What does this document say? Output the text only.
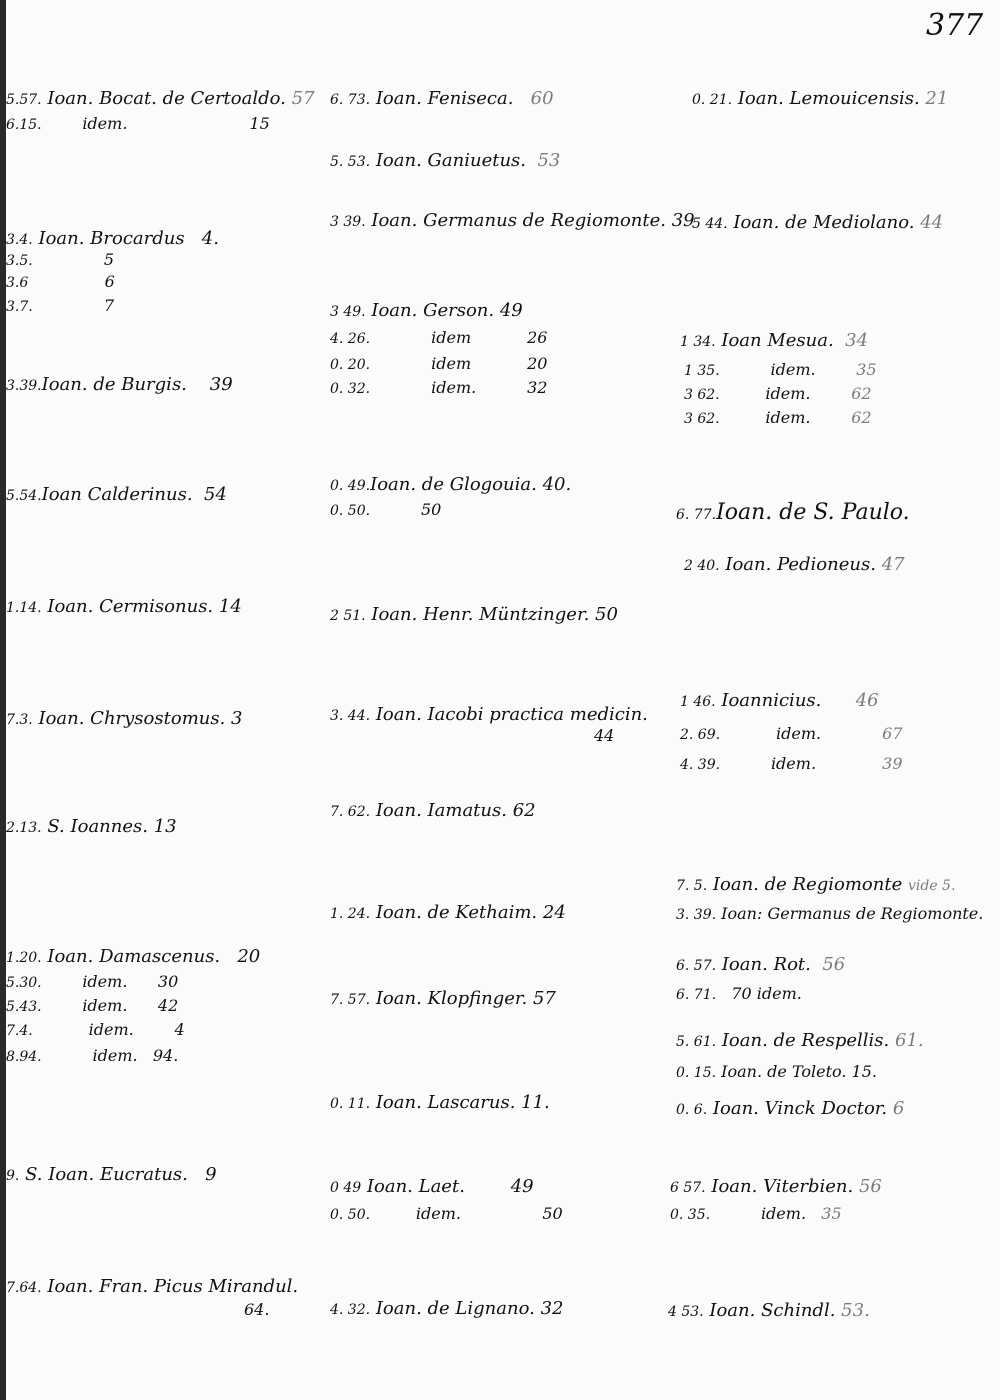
377
5.57. Ioan. Bocat. de Certoaldo. 57
6.15.	idem.	15
3.4. Ioan. Brocardus 4.
3.5.	5
3.6	6
3.7.	7
3.39.Ioan. de Burgis. 39
5.54.Ioan Calderinus. 54
1.14. Ioan. Cermisonus. 14
7.3. Ioan. Chrysostomus. 3
2.13. S. Ioannes. 13
1.20. Ioan. Damascenus. 20
5.30.	idem. 30
5.43.	idem. 42
7.4.	idem.	4
8.94.	idem. 94.
9. S. Ioan. Eucratus. 9
7.64. Ioan. Fran. Picus Mirandul.
64.
6. 73. Ioan. Fenisecа. 60
5. 53. Ioan. Ganiuetus. 53
3 39. Ioan. Germanus de Regiomonte. 39
3 49. Ioan. Gerson. 49
4. 26.	idem	26
0. 20.	idem	20
0. 32.	idem.	32
0. 49.Ioan. de Glogouia. 40.
0. 50.	50
2 51. Ioan. Henr. Müntzinger. 50
3. 44. Ioan. Iacobi practica medicin.
44
7. 62. Ioan. Iamatus. 62
1. 24. Ioan. de Kethaim. 24
7. 57. Ioan. Klopfinger. 57
0. 11. Ioan. Lascarus. 11.
0 49 Ioan. Laet.	49
0. 50.	idem.	50
4. 32. Ioan. de Lignano. 32
0. 21. Ioan. Lemouicensis. 21
5 44. Ioan. de Mediolano. 44
1 34. Ioan Mesua. 34
1 35.	idem.	35
3 62.	idem.	62
3 62.	idem.	62
6. 77.Ioan. de S. Paulo.
2 40. Ioan. Pedioneus. 47
1 46. Ioannicius. 46
2. 69.	idem.	67
4. 39.	idem.	39
7. 5. Ioan. de Regiomonte vide 5.
3. 39. Ioan: Germanus de Regiomonte.
6. 57. Ioan. Rot. 56
6. 71. 70 idem.
5. 61. Ioan. de Respellis. 61.
0. 15. Ioan. de Toleto. 15.
0. 6. Ioan. Vinck Doctor. 6
6 57. Ioan. Viterbien. 56
0. 35.	idem. 35
4 53. Ioan. Schindl. 53.
